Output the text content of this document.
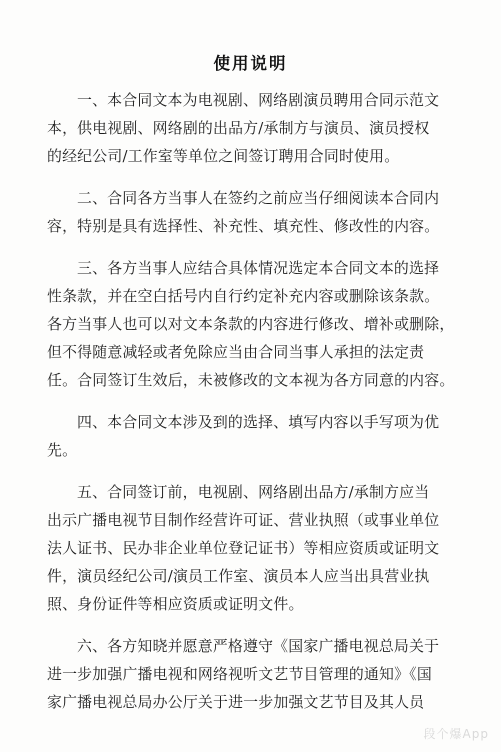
使用说明

一、本合同文本为电视剧、网络剧演员聘用合同示范文
本，供电视剧、网络剧的出品方/承制方与演员、演员授权
的经纪公司/工作室等单位之间签订聘用合同时使用。

二、合同各方当事人在签约之前应当仔细阅读本合同内
容，特别是具有选择性、补充性、填充性、修改性的内容。

三、各方当事人应结合具体情况选定本合同文本的选择
性条款，并在空白括号内自行约定补充内容或删除该条款。
各方当事人也可以对文本条款的内容进行修改、增补或删除，
但不得随意减轻或者免除应当由合同当事人承担的法定责
任。合同签订生效后，未被修改的文本视为各方同意的内容。

四、本合同文本涉及到的选择、填写内容以手写项为优
先。

五、合同签订前，电视剧、网络剧出品方/承制方应当
出示广播电视节目制作经营许可证、营业执照（或事业单位
法人证书、民办非企业单位登记证书）等相应资质或证明文
件，演员经纪公司/演员工作室、演员本人应当出具营业执
照、身份证件等相应资质或证明文件。

六、各方知晓并愿意严格遵守《国家广播电视总局关于
进一步加强广播电视和网络视听文艺节目管理的通知》《国
家广播电视总局办公厅关于进一步加强文艺节目及其人员

段个爆App
